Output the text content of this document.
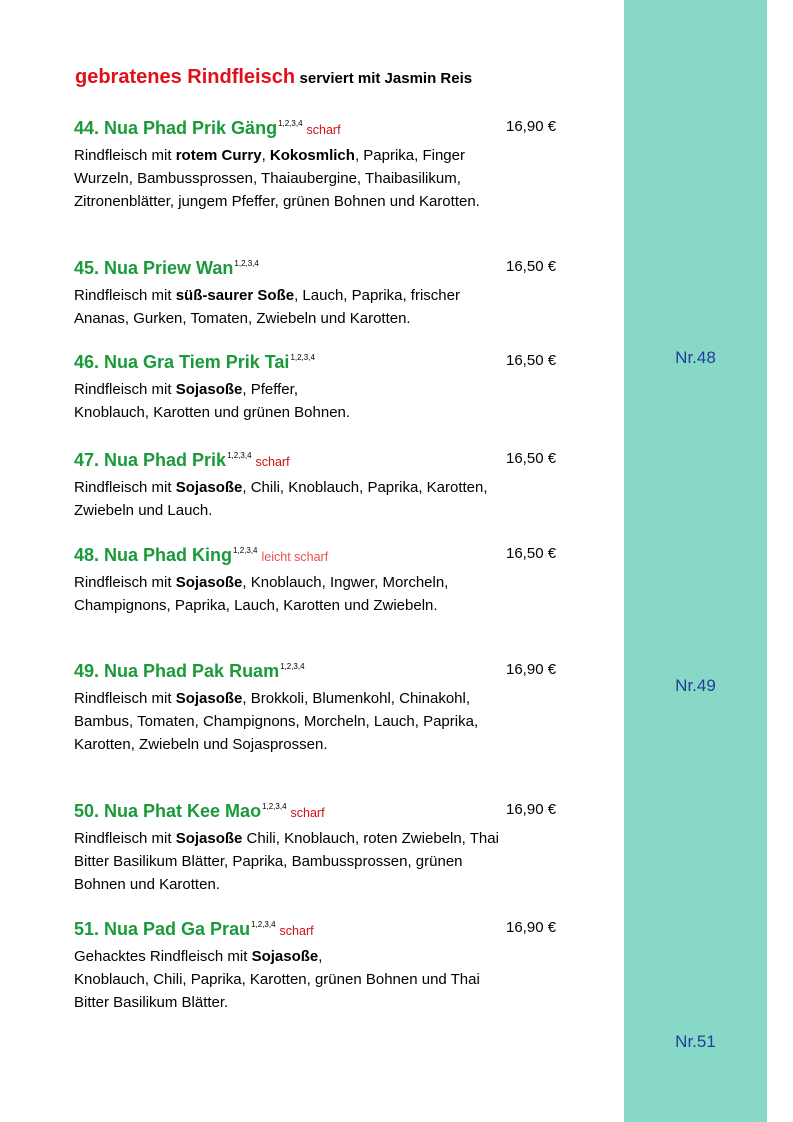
Nr.48
Nr.49
Nr.51
gebratenes Rindfleisch serviert mit Jasmin Reis
44. Nua Phad Prik Gäng$^{1,2,3,4}$ scharf	16,90 €
Rindfleisch mit rotem Curry, Kokosmlich, Paprika, Finger Wurzeln, Bambussprossen, Thaiaubergine, Thaibasilikum, Zitronenblätter, jungem Pfeffer, grünen Bohnen und Karotten.
45. Nua Priew Wan$^{1,2,3,4}$	16,50 €
Rindfleisch mit süß-saurer Soße, Lauch, Paprika, frischer Ananas, Gurken, Tomaten, Zwiebeln und Karotten.
46. Nua Gra Tiem Prik Tai$^{1,2,3,4}$	16,50 €
Rindfleisch mit Sojasoße, Pfeffer,
Knoblauch, Karotten und grünen Bohnen.
47. Nua Phad Prik$^{1,2,3,4}$ scharf	16,50 €
Rindfleisch mit Sojasoße, Chili, Knoblauch, Paprika, Karotten, Zwiebeln und Lauch.
48. Nua Phad King$^{1,2,3,4}$ leicht scharf	16,50 €
Rindfleisch mit Sojasoße, Knoblauch, Ingwer, Morcheln, Champignons, Paprika, Lauch, Karotten und Zwiebeln.
49. Nua Phad Pak Ruam$^{1,2,3,4}$	16,90 €
Rindfleisch mit Sojasoße, Brokkoli, Blumenkohl, Chinakohl, Bambus, Tomaten, Champignons, Morcheln, Lauch, Paprika, Karotten, Zwiebeln und Sojasprossen.
50. Nua Phat Kee Mao$^{1,2,3,4}$ scharf	16,90 €
Rindfleisch mit Sojasoße Chili, Knoblauch, roten Zwiebeln, Thai Bitter Basilikum Blätter, Paprika, Bambussprossen, grünen Bohnen und Karotten.
51. Nua Pad Ga Prau$^{1,2,3,4}$ scharf	16,90 €
Gehacktes Rindfleisch mit Sojasoße,
Knoblauch, Chili, Paprika, Karotten, grünen Bohnen und Thai Bitter Basilikum Blätter.
